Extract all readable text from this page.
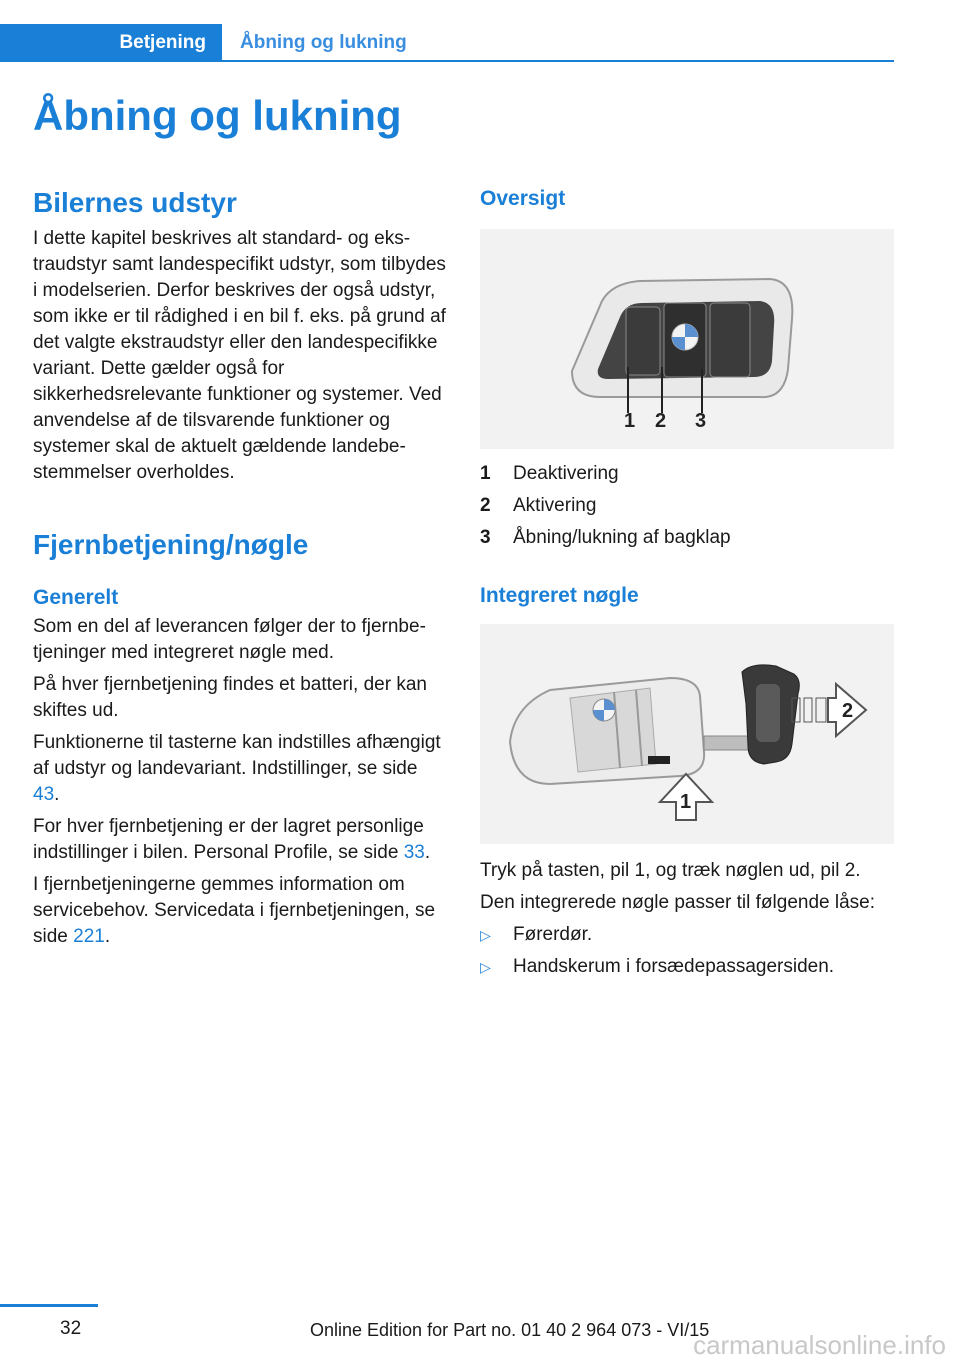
Betjening	Åbning og lukning
Åbning og lukning
Bilernes udstyr

I dette kapitel beskrives alt standard- og ekstraudstyr samt landespecifikt udstyr, som tilbydes i modelserien. Derfor beskrives der også udstyr, som ikke er til rådighed i en bil f. eks. på grund af det valgte ekstraudstyr eller den landespecifikke variant. Dette gælder også for sikkerhedsrelevante funktioner og systemer. Ved anvendelse af de tilsvarende funktioner og systemer skal de aktuelt gældende landebestemmelser overholdes.

Fjernbetjening/nøgle
Generelt

Som en del af leverancen følger der to fjernbetjeninger med integreret nøgle med.

På hver fjernbetjening findes et batteri, der kan skiftes ud.

Funktionerne til tasterne kan indstilles afhængigt af udstyr og landevariant. Indstillinger, se side 43.

For hver fjernbetjening er der lagret personlige indstillinger i bilen. Personal Profile, se side 33.

I fjernbetjeningerne gemmes information om servicebehov. Servicedata i fjernbetjeningen, se side 221.

Oversigt
1 2 3
1	Deaktivering
2	Aktivering
3	Åbning/lukning af bagklap
Integreret nøgle
2
1

Tryk på tasten, pil 1, og træk nøglen ud, pil 2.

Den integrerede nøgle passer til følgende låse:

▷	Førerdør.
▷	Handskerum i forsædepassagersiden.
32	Online Edition for Part no. 01 40 2 964 073 - VI/15
carmanualsonline.info
